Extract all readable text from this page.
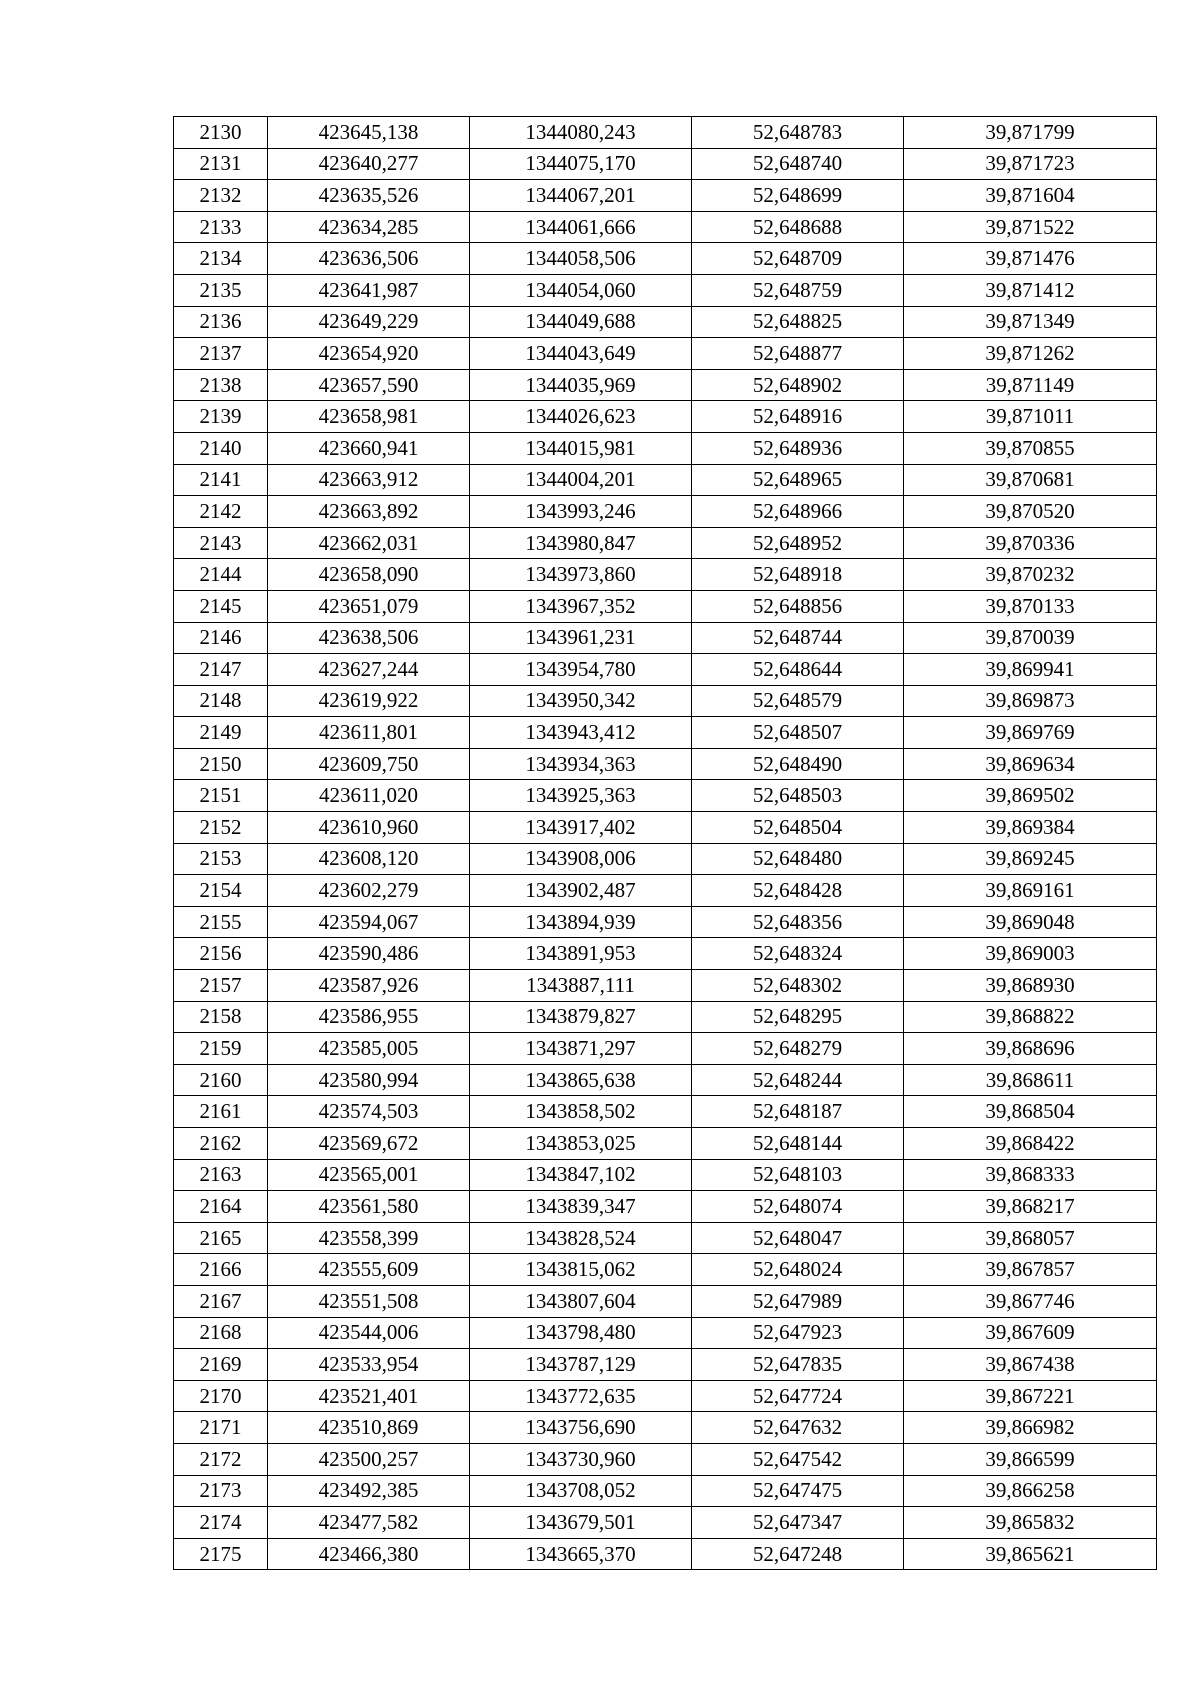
2130	423645,138	1344080,243	52,648783	39,871799
2131	423640,277	1344075,170	52,648740	39,871723
2132	423635,526	1344067,201	52,648699	39,871604
2133	423634,285	1344061,666	52,648688	39,871522
2134	423636,506	1344058,506	52,648709	39,871476
2135	423641,987	1344054,060	52,648759	39,871412
2136	423649,229	1344049,688	52,648825	39,871349
2137	423654,920	1344043,649	52,648877	39,871262
2138	423657,590	1344035,969	52,648902	39,871149
2139	423658,981	1344026,623	52,648916	39,871011
2140	423660,941	1344015,981	52,648936	39,870855
2141	423663,912	1344004,201	52,648965	39,870681
2142	423663,892	1343993,246	52,648966	39,870520
2143	423662,031	1343980,847	52,648952	39,870336
2144	423658,090	1343973,860	52,648918	39,870232
2145	423651,079	1343967,352	52,648856	39,870133
2146	423638,506	1343961,231	52,648744	39,870039
2147	423627,244	1343954,780	52,648644	39,869941
2148	423619,922	1343950,342	52,648579	39,869873
2149	423611,801	1343943,412	52,648507	39,869769
2150	423609,750	1343934,363	52,648490	39,869634
2151	423611,020	1343925,363	52,648503	39,869502
2152	423610,960	1343917,402	52,648504	39,869384
2153	423608,120	1343908,006	52,648480	39,869245
2154	423602,279	1343902,487	52,648428	39,869161
2155	423594,067	1343894,939	52,648356	39,869048
2156	423590,486	1343891,953	52,648324	39,869003
2157	423587,926	1343887,111	52,648302	39,868930
2158	423586,955	1343879,827	52,648295	39,868822
2159	423585,005	1343871,297	52,648279	39,868696
2160	423580,994	1343865,638	52,648244	39,868611
2161	423574,503	1343858,502	52,648187	39,868504
2162	423569,672	1343853,025	52,648144	39,868422
2163	423565,001	1343847,102	52,648103	39,868333
2164	423561,580	1343839,347	52,648074	39,868217
2165	423558,399	1343828,524	52,648047	39,868057
2166	423555,609	1343815,062	52,648024	39,867857
2167	423551,508	1343807,604	52,647989	39,867746
2168	423544,006	1343798,480	52,647923	39,867609
2169	423533,954	1343787,129	52,647835	39,867438
2170	423521,401	1343772,635	52,647724	39,867221
2171	423510,869	1343756,690	52,647632	39,866982
2172	423500,257	1343730,960	52,647542	39,866599
2173	423492,385	1343708,052	52,647475	39,866258
2174	423477,582	1343679,501	52,647347	39,865832
2175	423466,380	1343665,370	52,647248	39,865621
